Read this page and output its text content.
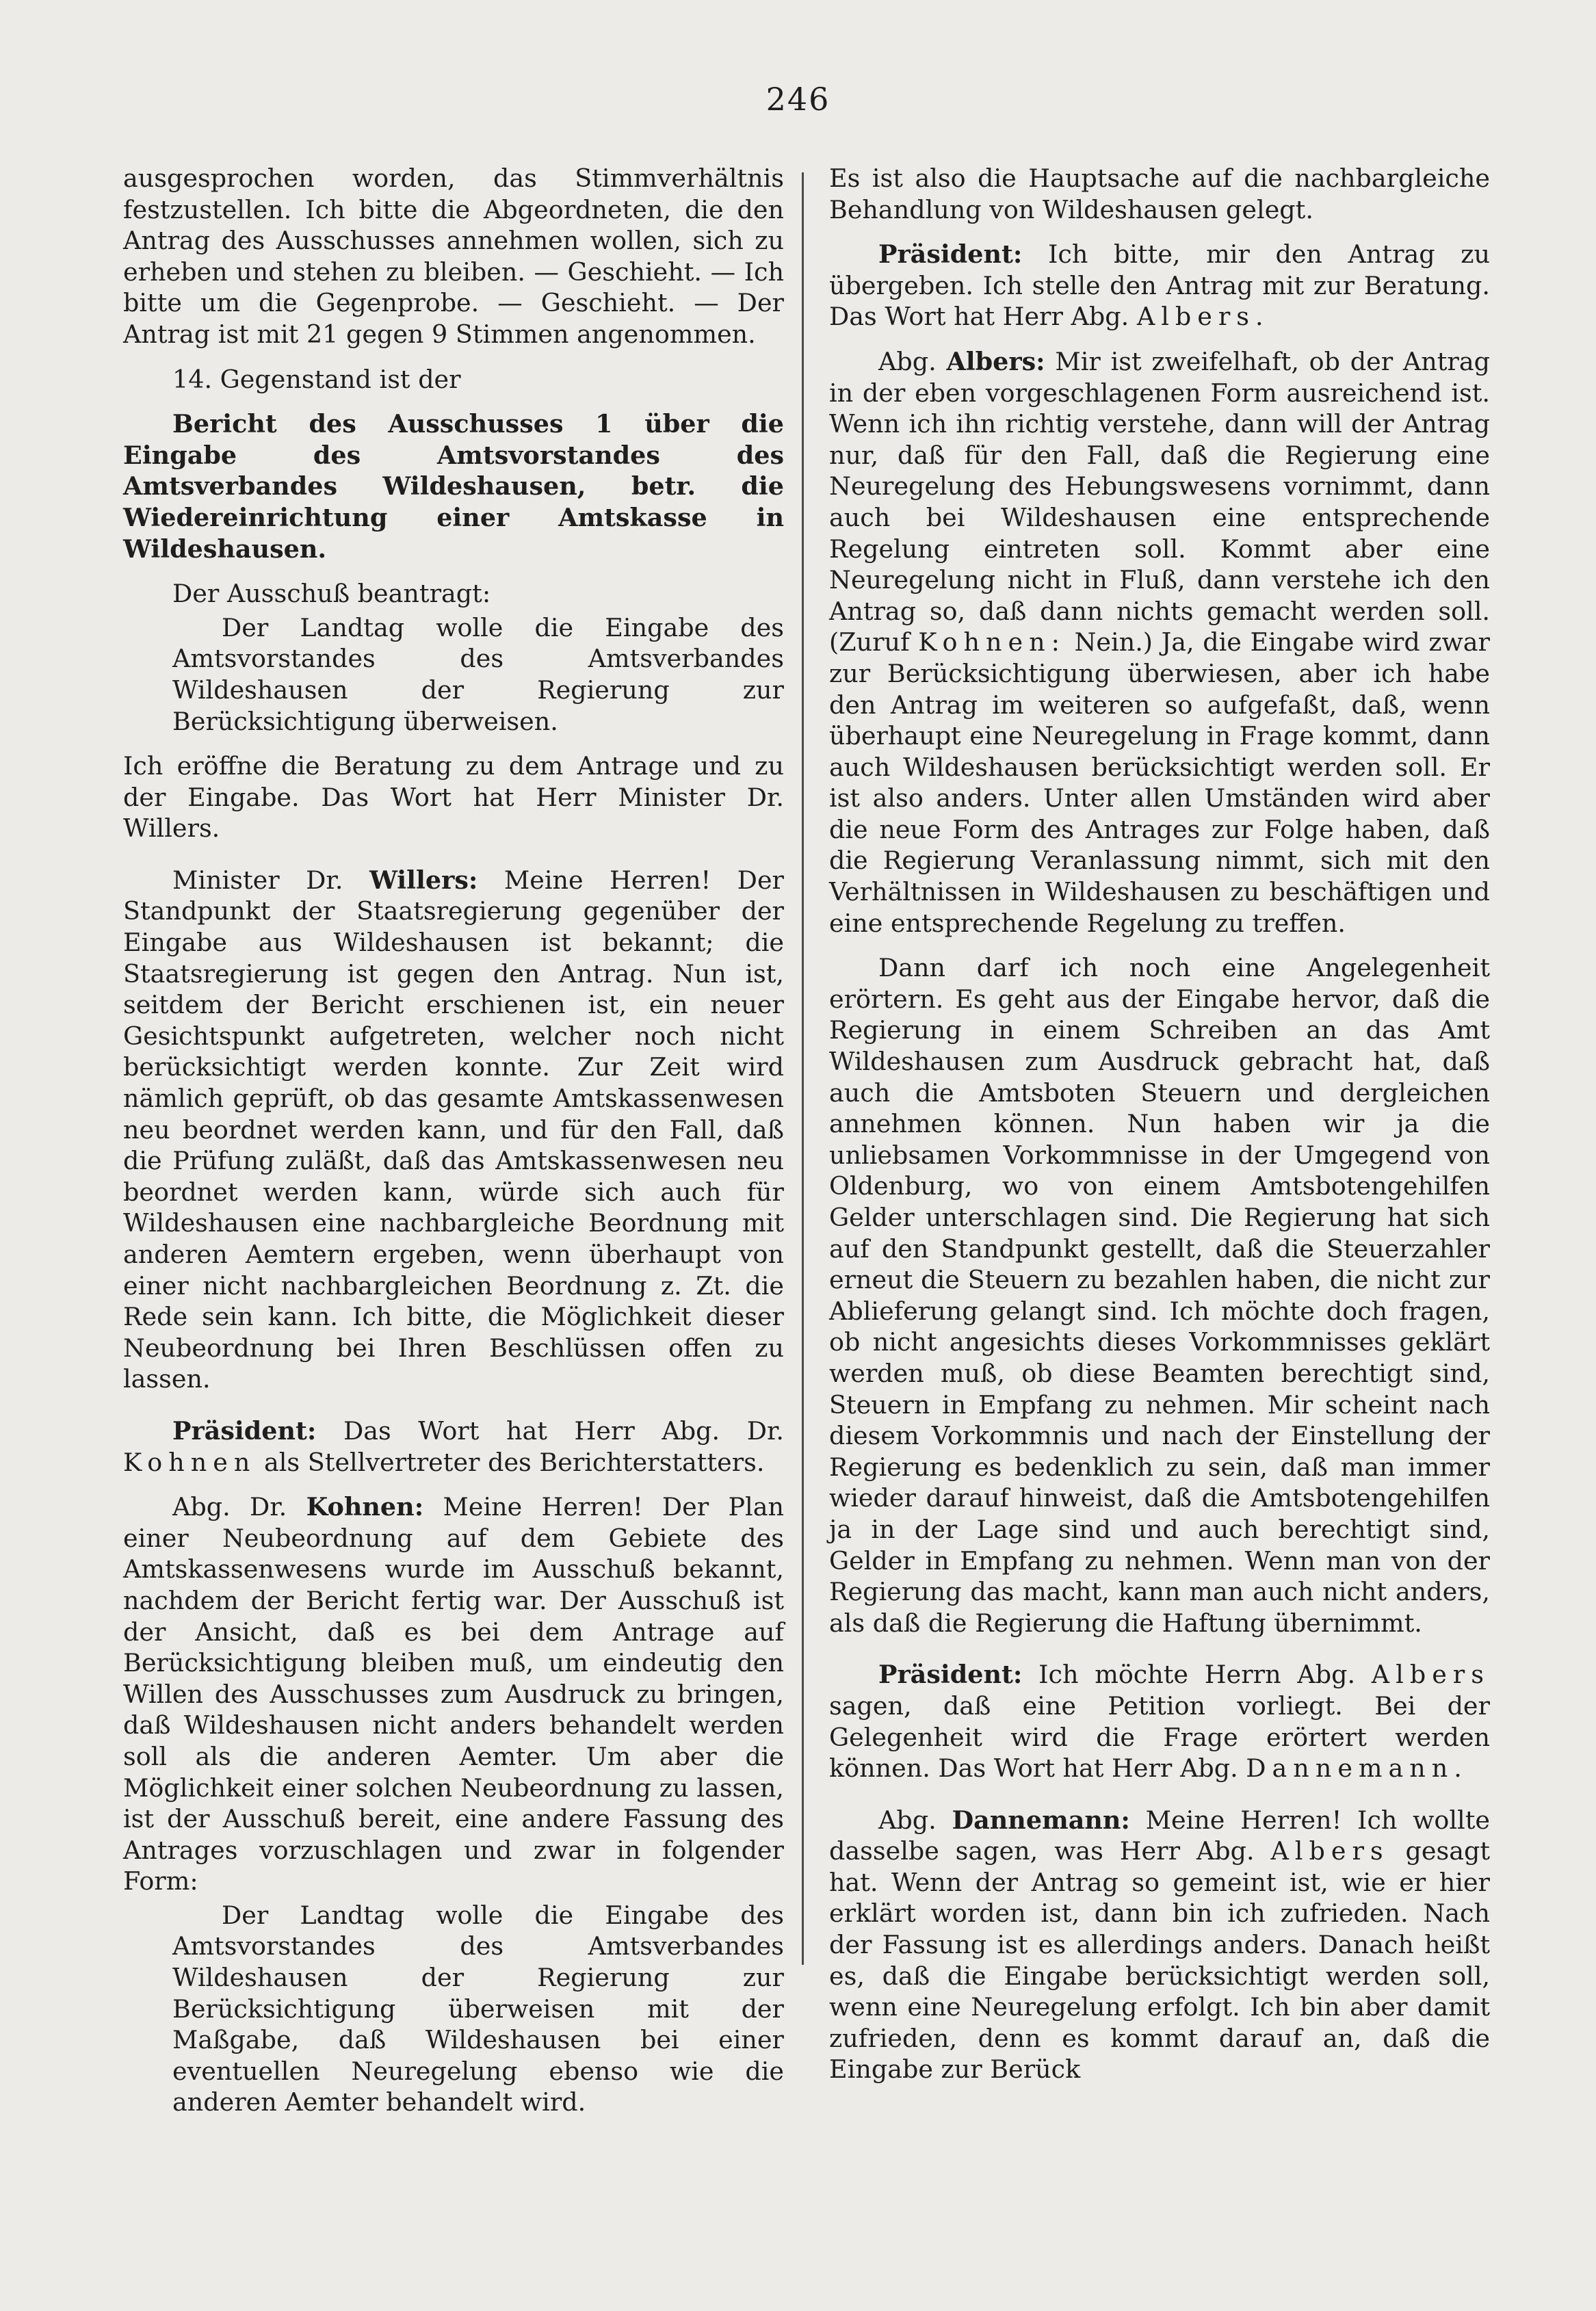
246

ausgesprochen worden, das Stimmverhältnis festzustellen. Ich bitte die Abgeordneten, die den Antrag des Ausschusses annehmen wollen, sich zu erheben und stehen zu bleiben. — Geschieht. — Ich bitte um die Gegenprobe. — Geschieht. — Der Antrag ist mit 21 gegen 9 Stimmen angenommen.

14. Gegenstand ist der

Bericht des Ausschusses 1 über die Eingabe des Amtsvorstandes des Amtsverbandes Wildeshausen, betr. die Wiedereinrichtung einer Amtskasse in Wildeshausen.

Der Ausschuß beantragt:

Der Landtag wolle die Eingabe des Amtsvorstandes des Amtsverbandes Wildeshausen der Regierung zur Berücksichtigung überweisen.

Ich eröffne die Beratung zu dem Antrage und zu der Eingabe. Das Wort hat Herr Minister Dr. Willers.

Minister Dr. Willers: Meine Herren! Der Standpunkt der Staatsregierung gegenüber der Eingabe aus Wildeshausen ist bekannt; die Staatsregierung ist gegen den Antrag. Nun ist, seitdem der Bericht erschienen ist, ein neuer Gesichtspunkt aufgetreten, welcher noch nicht berücksichtigt werden konnte. Zur Zeit wird nämlich geprüft, ob das gesamte Amtskassenwesen neu beordnet werden kann, und für den Fall, daß die Prüfung zuläßt, daß das Amtskassenwesen neu beordnet werden kann, würde sich auch für Wildeshausen eine nachbargleiche Beordnung mit anderen Aemtern ergeben, wenn überhaupt von einer nicht nachbargleichen Beordnung z. Zt. die Rede sein kann. Ich bitte, die Möglichkeit dieser Neubeordnung bei Ihren Beschlüssen offen zu lassen.

Präsident: Das Wort hat Herr Abg. Dr. Kohnen als Stellvertreter des Berichterstatters.

Abg. Dr. Kohnen: Meine Herren! Der Plan einer Neubeordnung auf dem Gebiete des Amtskassenwesens wurde im Ausschuß bekannt, nachdem der Bericht fertig war. Der Ausschuß ist der Ansicht, daß es bei dem Antrage auf Berücksichtigung bleiben muß, um eindeutig den Willen des Ausschusses zum Ausdruck zu bringen, daß Wildeshausen nicht anders behandelt werden soll als die anderen Aemter. Um aber die Möglichkeit einer solchen Neubeordnung zu lassen, ist der Ausschuß bereit, eine andere Fassung des Antrages vorzuschlagen und zwar in folgender Form:

Der Landtag wolle die Eingabe des Amtsvorstandes des Amtsverbandes Wildeshausen der Regierung zur Berücksichtigung überweisen mit der Maßgabe, daß Wildeshausen bei einer eventuellen Neuregelung ebenso wie die anderen Aemter behandelt wird.

Es ist also die Hauptsache auf die nachbargleiche Behandlung von Wildeshausen gelegt.

Präsident: Ich bitte, mir den Antrag zu übergeben. Ich stelle den Antrag mit zur Beratung. Das Wort hat Herr Abg. Albers.

Abg. Albers: Mir ist zweifelhaft, ob der Antrag in der eben vorgeschlagenen Form ausreichend ist. Wenn ich ihn richtig verstehe, dann will der Antrag nur, daß für den Fall, daß die Regierung eine Neuregelung des Hebungswesens vornimmt, dann auch bei Wildeshausen eine entsprechende Regelung eintreten soll. Kommt aber eine Neuregelung nicht in Fluß, dann verstehe ich den Antrag so, daß dann nichts gemacht werden soll. (Zuruf Kohnen: Nein.) Ja, die Eingabe wird zwar zur Berücksichtigung überwiesen, aber ich habe den Antrag im weiteren so aufgefaßt, daß, wenn überhaupt eine Neuregelung in Frage kommt, dann auch Wildeshausen berücksichtigt werden soll. Er ist also anders. Unter allen Umständen wird aber die neue Form des Antrages zur Folge haben, daß die Regierung Veranlassung nimmt, sich mit den Verhältnissen in Wildeshausen zu beschäftigen und eine entsprechende Regelung zu treffen.

Dann darf ich noch eine Angelegenheit erörtern. Es geht aus der Eingabe hervor, daß die Regierung in einem Schreiben an das Amt Wildeshausen zum Ausdruck gebracht hat, daß auch die Amtsboten Steuern und dergleichen annehmen können. Nun haben wir ja die unliebsamen Vorkommnisse in der Umgegend von Oldenburg, wo von einem Amtsbotengehilfen Gelder unterschlagen sind. Die Regierung hat sich auf den Standpunkt gestellt, daß die Steuerzahler erneut die Steuern zu bezahlen haben, die nicht zur Ablieferung gelangt sind. Ich möchte doch fragen, ob nicht angesichts dieses Vorkommnisses geklärt werden muß, ob diese Beamten berechtigt sind, Steuern in Empfang zu nehmen. Mir scheint nach diesem Vorkommnis und nach der Einstellung der Regierung es bedenklich zu sein, daß man immer wieder darauf hinweist, daß die Amtsbotengehilfen ja in der Lage sind und auch berechtigt sind, Gelder in Empfang zu nehmen. Wenn man von der Regierung das macht, kann man auch nicht anders, als daß die Regierung die Haftung übernimmt.

Präsident: Ich möchte Herrn Abg. Albers sagen, daß eine Petition vorliegt. Bei der Gelegenheit wird die Frage erörtert werden können. Das Wort hat Herr Abg. Dannemann.

Abg. Dannemann: Meine Herren! Ich wollte dasselbe sagen, was Herr Abg. Albers gesagt hat. Wenn der Antrag so gemeint ist, wie er hier erklärt worden ist, dann bin ich zufrieden. Nach der Fassung ist es allerdings anders. Danach heißt es, daß die Eingabe berücksichtigt werden soll, wenn eine Neuregelung erfolgt. Ich bin aber damit zufrieden, denn es kommt darauf an, daß die Eingabe zur Berück
